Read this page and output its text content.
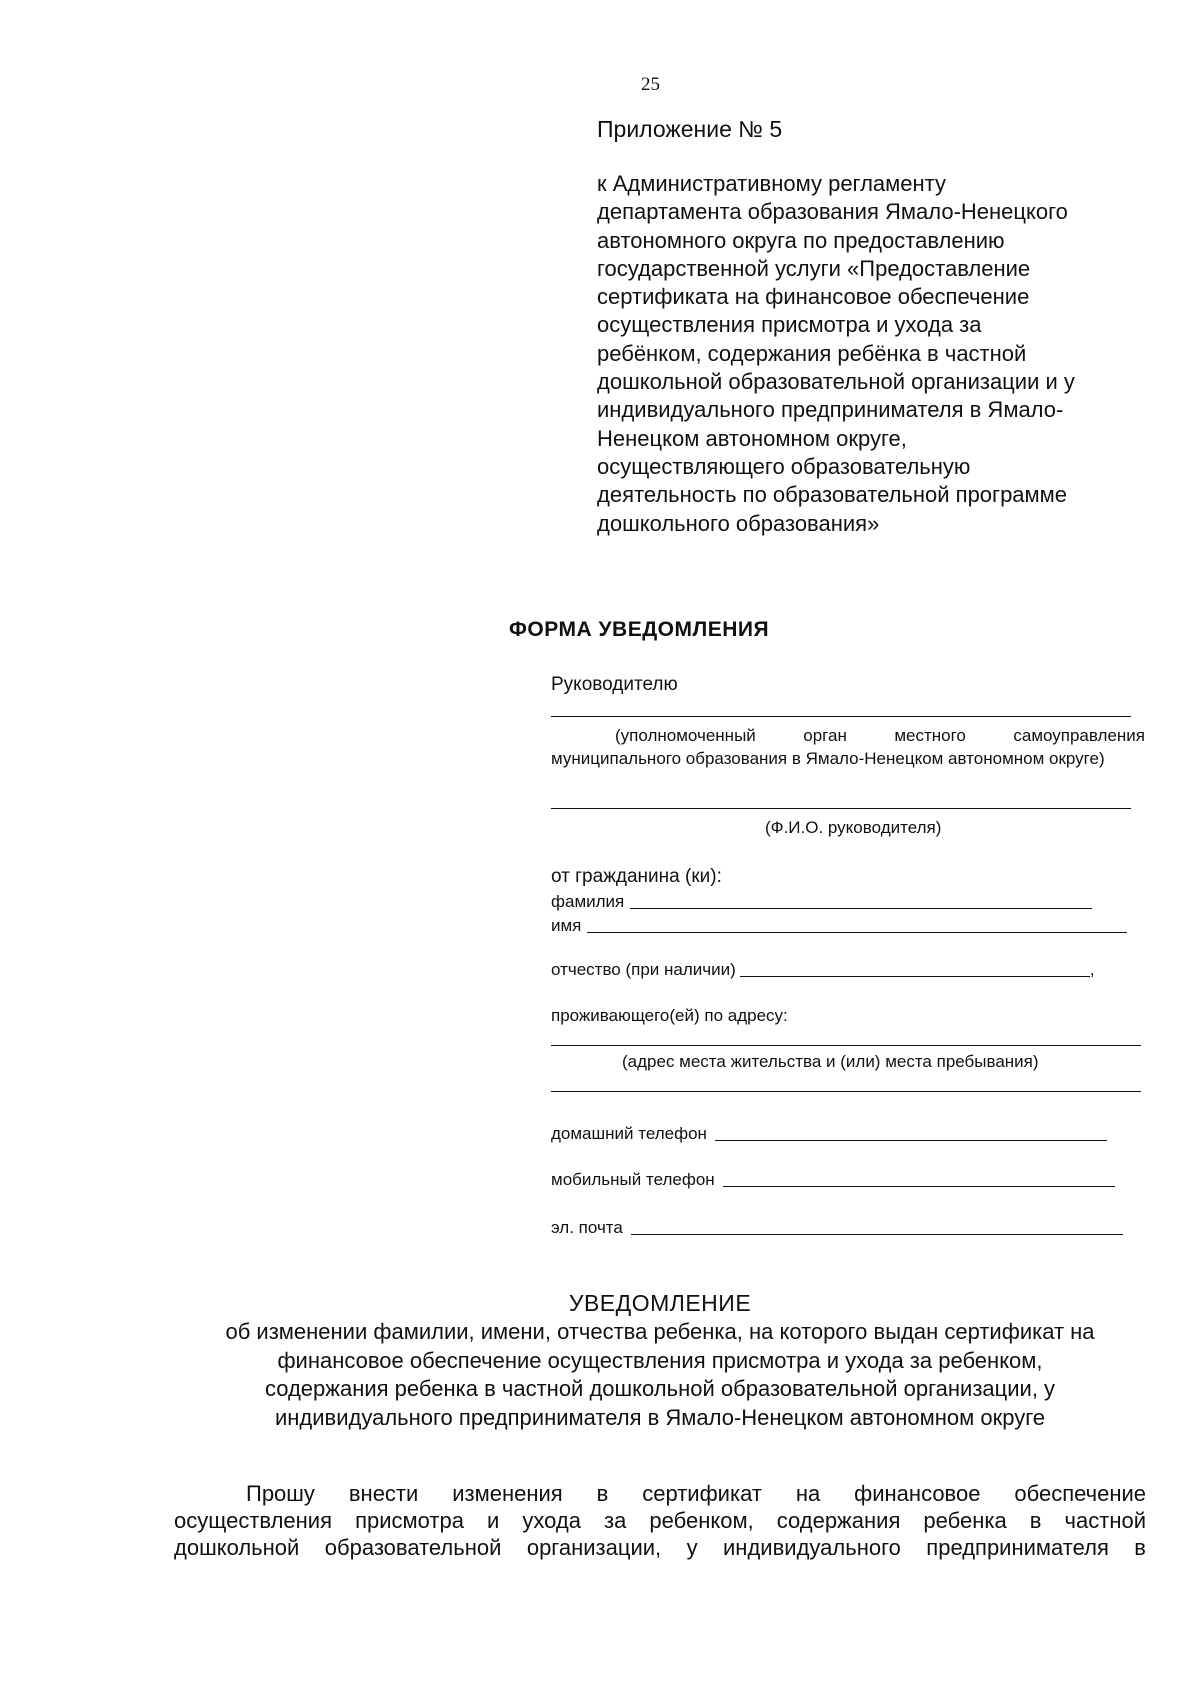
25
Приложение № 5
к Административному регламенту
департамента образования Ямало-Ненецкого
автономного округа по предоставлению
государственной услуги «Предоставление
сертификата на финансовое обеспечение
осуществления присмотра и ухода за
ребёнком, содержания ребёнка в частной
дошкольной образовательной организации и у
индивидуального предпринимателя в Ямало-
Ненецком автономном округе,
осуществляющего образовательную
деятельность по образовательной программе
дошкольного образования»
ФОРМА УВЕДОМЛЕНИЯ
Руководителю
(уполномоченный орган местного самоуправления муниципального образования в Ямало-Ненецком автономном округе)
(Ф.И.О. руководителя)
от гражданина (ки):
фамилия
имя
отчество (при наличии)	,
проживающего(ей) по адресу:
(адрес места жительства и (или) места пребывания)
домашний телефон
мобильный телефон
эл. почта
УВЕДОМЛЕНИЕ
об изменении фамилии, имени, отчества ребенка, на которого выдан сертификат на
финансовое обеспечение осуществления присмотра и ухода за ребенком,
содержания ребенка в частной дошкольной образовательной организации, у
индивидуального предпринимателя в Ямало-Ненецком автономном округе
Прошу внести изменения в сертификат на финансовое обеспечение
осуществления присмотра и ухода за ребенком, содержания ребенка в частной
дошкольной образовательной организации, у индивидуального предпринимателя в
